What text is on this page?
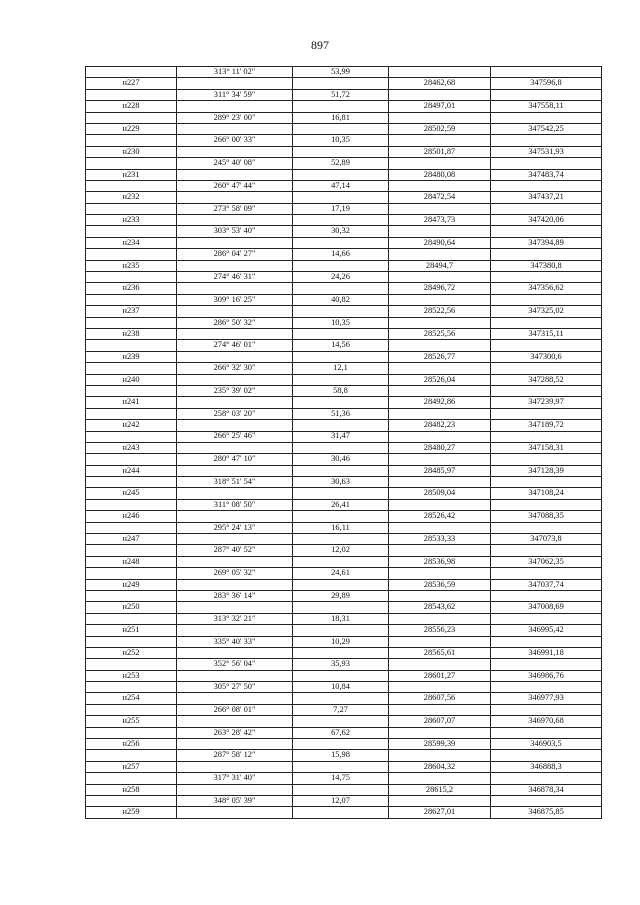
897
	313° 11' 02"	53,99		
н227			28462,68	347596,8
	311° 34' 59"	51,72		
н228			28497,01	347558,11
	289° 23' 00"	16,81		
н229			28502,59	347542,25
	266° 00' 33"	10,35		
н230			28501,87	347531,93
	245° 40' 08"	52,89		
н231			28480,08	347483,74
	260° 47' 44"	47,14		
н232			28472,54	347437,21
	273° 58' 09"	17,19		
н233			28473,73	347420,06
	303° 53' 40"	30,32		
н234			28490,64	347394,89
	286° 04' 27"	14,66		
н235			28494,7	347380,8
	274° 46' 31"	24,26		
н236			28496,72	347356,62
	309° 16' 25"	40,82		
н237			28522,56	347325,02
	286° 50' 32"	10,35		
н238			28525,56	347315,11
	274° 46' 01"	14,56		
н239			28526,77	347300,6
	266° 32' 30"	12,1		
н240			28526,04	347288,52
	235° 39' 02"	58,8		
н241			28492,86	347239,97
	258° 03' 20"	51,36		
н242			28482,23	347189,72
	266° 25' 46"	31,47		
н243			28480,27	347158,31
	280° 47' 10"	30,46		
н244			28485,97	347128,39
	318° 51' 54"	30,63		
н245			28509,04	347108,24
	311° 08' 50"	26,41		
н246			28526,42	347088,35
	295° 24' 13"	16,11		
н247			28533,33	347073,8
	287° 40' 52"	12,02		
н248			28536,98	347062,35
	269° 05' 32"	24,61		
н249			28536,59	347037,74
	283° 36' 14"	29,89		
н250			28543,62	347008,69
	313° 32' 21"	18,31		
н251			28556,23	346995,42
	335° 40' 33"	10,29		
н252			28565,61	346991,18
	352° 56' 04"	35,93		
н253			28601,27	346986,76
	305° 27' 50"	10,84		
н254			28607,56	346977,93
	266° 08' 01"	7,27		
н255			28607,07	346970,68
	263° 28' 42"	67,62		
н256			28599,39	346903,5
	287° 58' 12"	15,98		
н257			28604,32	346888,3
	317° 31' 40"	14,75		
н258			28615,2	346878,34
	348° 05' 39"	12,07		
н259			28627,01	346875,85
